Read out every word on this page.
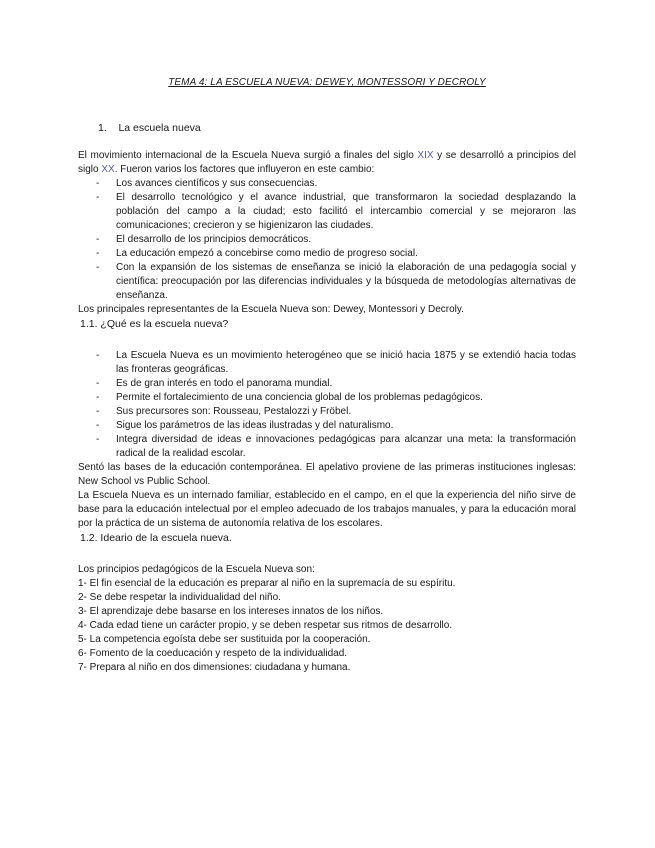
TEMA 4: LA ESCUELA NUEVA: DEWEY, MONTESSORI Y DECROLY
1. La escuela nueva

El movimiento internacional de la Escuela Nueva surgió a finales del siglo XIX y se desarrolló a principios del siglo XX. Fueron varios los factores que influyeron en este cambio:

- Los avances científicos y sus consecuencias.
- El desarrollo tecnológico y el avance industrial, que transformaron la sociedad desplazando la población del campo a la ciudad; esto facilitó el intercambio comercial y se mejoraron las comunicaciones; crecieron y se higienizaron las ciudades.
- El desarrollo de los principios democráticos.
- La educación empezó a concebirse como medio de progreso social.
- Con la expansión de los sistemas de enseñanza se inició la elaboración de una pedagogía social y científica: preocupación por las diferencias individuales y la búsqueda de metodologías alternativas de enseñanza.

Los principales representantes de la Escuela Nueva son: Dewey, Montessori y Decroly.

1.1. ¿Qué es la escuela nueva?
- La Escuela Nueva es un movimiento heterogéneo que se inició hacia 1875 y se extendió hacia todas las fronteras geográficas.
- Es de gran interés en todo el panorama mundial.
- Permite el fortalecimiento de una conciencia global de los problemas pedagógicos.
- Sus precursores son: Rousseau, Pestalozzi y Fröbel.
- Sigue los parámetros de las ideas ilustradas y del naturalismo.
- Integra diversidad de ideas e innovaciones pedagógicas para alcanzar una meta: la transformación radical de la realidad escolar.

Sentó las bases de la educación contemporánea. El apelativo proviene de las primeras instituciones inglesas: New School vs Public School.

La Escuela Nueva es un internado familiar, establecido en el campo, en el que la experiencia del niño sirve de base para la educación intelectual por el empleo adecuado de los trabajos manuales, y para la educación moral por la práctica de un sistema de autonomía relativa de los escolares.

1.2. Ideario de la escuela nueva.

Los principios pedagógicos de la Escuela Nueva son:

1- El fin esencial de la educación es preparar al niño en la supremacía de su espíritu.
2- Se debe respetar la individualidad del niño.
3- El aprendizaje debe basarse en los intereses innatos de los niños.
4- Cada edad tiene un carácter propio, y se deben respetar sus ritmos de desarrollo.
5- La competencia egoísta debe ser sustituida por la cooperación.
6- Fomento de la coeducación y respeto de la individualidad.
7- Prepara al niño en dos dimensiones: ciudadana y humana.
